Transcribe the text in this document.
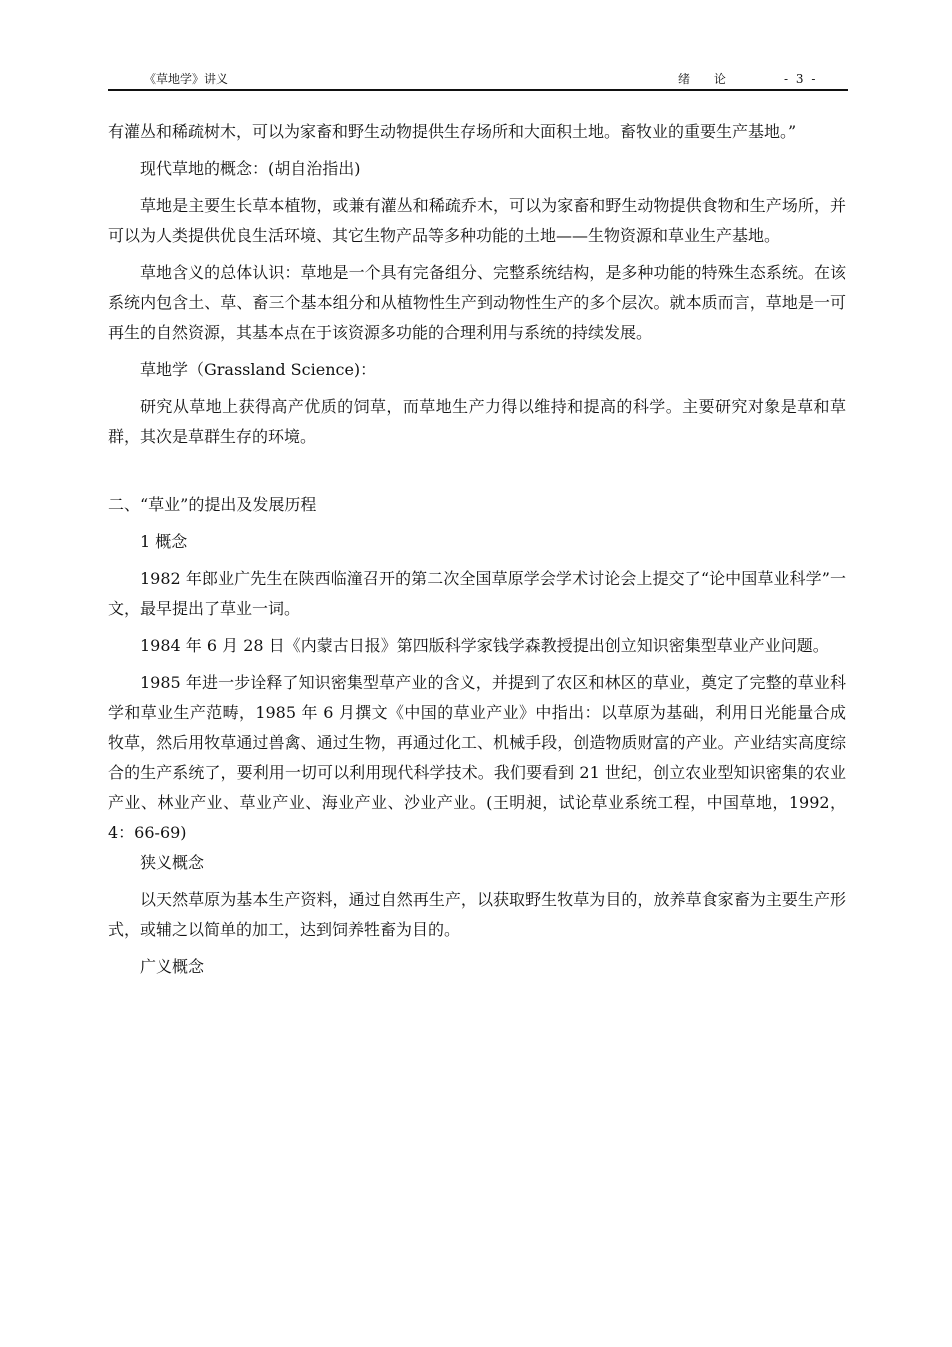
《草地学》讲义	绪 论	- 3 -

有灌丛和稀疏树木，可以为家畜和野生动物提供生存场所和大面积土地。畜牧业的重要生产基地。”

现代草地的概念：(胡自治指出)

草地是主要生长草本植物，或兼有灌丛和稀疏乔木，可以为家畜和野生动物提供食物和生产场所，并可以为人类提供优良生活环境、其它生物产品等多种功能的土地——生物资源和草业生产基地。

草地含义的总体认识：草地是一个具有完备组分、完整系统结构，是多种功能的特殊生态系统。在该系统内包含土、草、畜三个基本组分和从植物性生产到动物性生产的多个层次。就本质而言，草地是一可再生的自然资源，其基本点在于该资源多功能的合理利用与系统的持续发展。

草地学（Grassland Science)：

研究从草地上获得高产优质的饲草，而草地生产力得以维持和提高的科学。主要研究对象是草和草群，其次是草群生存的环境。

二、“草业”的提出及发展历程

1 概念

1982 年郎业广先生在陕西临潼召开的第二次全国草原学会学术讨论会上提交了“论中国草业科学”一文，最早提出了草业一词。

1984 年 6 月 28 日《内蒙古日报》第四版科学家钱学森教授提出创立知识密集型草业产业问题。

1985 年进一步诠释了知识密集型草产业的含义，并提到了农区和林区的草业，奠定了完整的草业科学和草业生产范畴，1985 年 6 月撰文《中国的草业产业》中指出：以草原为基础，利用日光能量合成牧草，然后用牧草通过兽禽、通过生物，再通过化工、机械手段，创造物质财富的产业。产业结实高度综合的生产系统了，要利用一切可以利用现代科学技术。我们要看到 21 世纪，创立农业型知识密集的农业产业、林业产业、草业产业、海业产业、沙业产业。(王明昶，试论草业系统工程，中国草地，1992，4：66-69)

狭义概念

以天然草原为基本生产资料，通过自然再生产，以获取野生牧草为目的，放养草食家畜为主要生产形式，或辅之以简单的加工，达到饲养牲畜为目的。

广义概念
